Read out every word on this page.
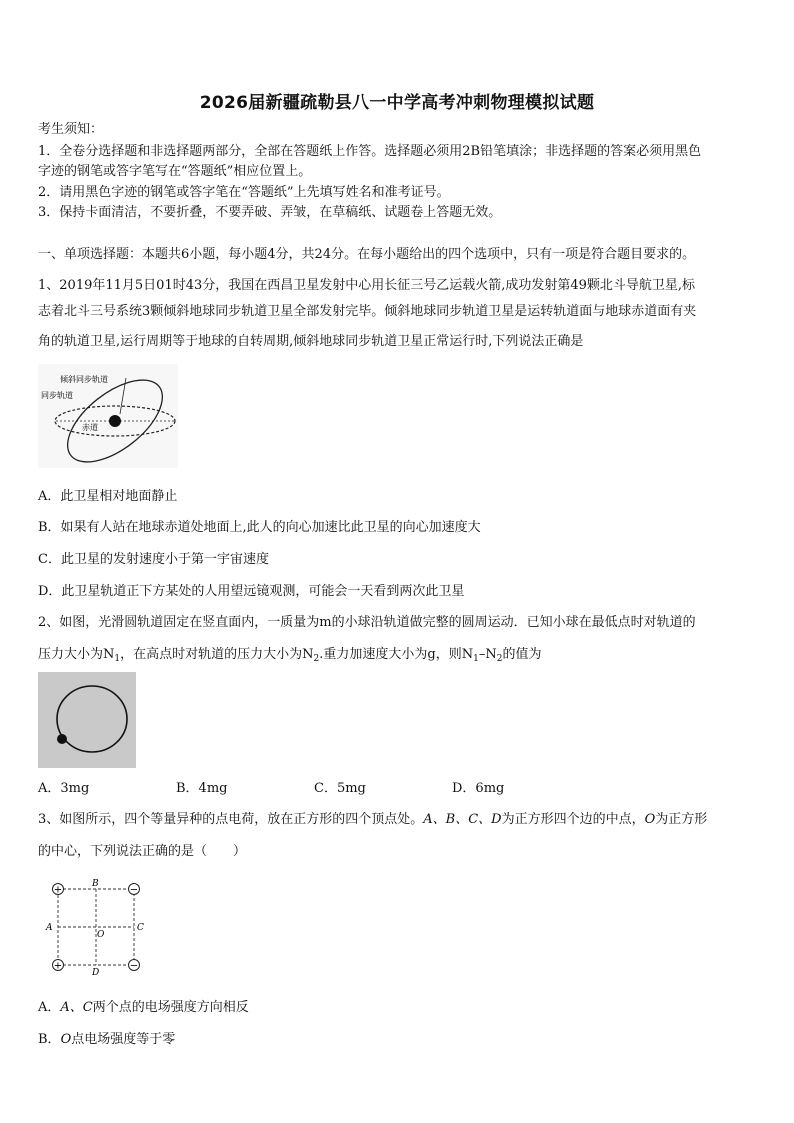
2026届新疆疏勒县八一中学高考冲刺物理模拟试题
考生须知：
1．全卷分选择题和非选择题两部分，全部在答题纸上作答。选择题必须用2B铅笔填涂；非选择题的答案必须用黑色
字迹的钢笔或答字笔写在“答题纸”相应位置上。
2．请用黑色字迹的钢笔或答字笔在“答题纸”上先填写姓名和准考证号。
3．保持卡面清洁，不要折叠，不要弄破、弄皱，在草稿纸、试题卷上答题无效。
一、单项选择题：本题共6小题，每小题4分，共24分。在每小题给出的四个选项中，只有一项是符合题目要求的。
1、2019年11月5日01时43分，我国在西昌卫星发射中心用长征三号乙运载火箭,成功发射第49颗北斗导航卫星,标
志着北斗三号系统3颗倾斜地球同步轨道卫星全部发射完毕。倾斜地球同步轨道卫星是运转轨道面与地球赤道面有夹
角的轨道卫星,运行周期等于地球的自转周期,倾斜地球同步轨道卫星正常运行时,下列说法正确是
倾斜同步轨道
同步轨道
赤道
A．此卫星相对地面静止
B．如果有人站在地球赤道处地面上,此人的向心加速比此卫星的向心加速度大
C．此卫星的发射速度小于第一宇宙速度
D．此卫星轨道正下方某处的人用望远镜观测，可能会一天看到两次此卫星
2、如图，光滑圆轨道固定在竖直面内，一质量为m的小球沿轨道做完整的圆周运动．已知小球在最低点时对轨道的
压力大小为$N_1$，在高点时对轨道的压力大小为$N_2$.重力加速度大小为g，则$N_1-N_2$的值为
A．3mg	B．4mg	C．5mg	D．6mg
3、如图所示，四个等量异种的点电荷，放在正方形的四个顶点处。A、B、C、D为正方形四个边的中点，O为正方形
的中心，下列说法正确的是（　　）
+	−
+	−
B
A	C
D
O
A．A、C两个点的电场强度方向相反
B．O点电场强度等于零
